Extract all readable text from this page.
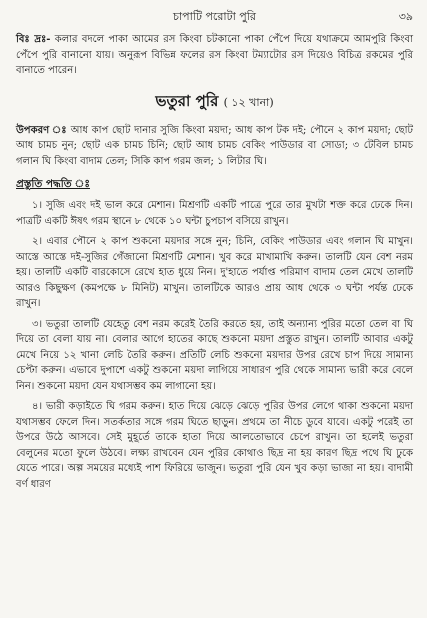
চাপাটি পরোটা পুরি	৩৯

বিঃ দ্রঃ- কলার বদলে পাকা আমের রস কিংবা চটকানো পাকা পেঁপে দিয়ে যথাক্রমে আমপুরি কিংবা পেঁপে পুরি বানানো যায়। অনুরূপ বিভিন্ন ফলের রস কিংবা টম্যাটোর রস দিয়েও বিচিত্র রকমের পুরি বানাতে পারেন।

ভতুরা পুরি ( ১২ খানা)

উপকরণ ঃ আধ কাপ ছোট দানার সুজি কিংবা ময়দা; আধ কাপ টক দই; পৌনে ২ কাপ ময়দা; ছোট আধ চামচ নুন; ছোট এক চামচ চিনি; ছোট আধ চামচ বেকিং পাউডার বা সোডা; ৩ টেবিল চামচ গলান ঘি কিংবা বাদাম তেল; সিকি কাপ গরম জল; ১ লিটার ঘি।

প্রস্তুতি পদ্ধতি ঃ

১। সুজি এবং দই ভাল করে মেশান। মিশ্রণটি একটি পাত্রে পুরে তার মুখটা শক্ত করে ঢেকে দিন। পাত্রটি একটি ঈষৎ গরম স্থানে ৮ থেকে ১০ ঘন্টা চুপচাপ বসিয়ে রাখুন।

২। এবার পৌনে ২ কাপ শুকনো ময়দার সঙ্গে নুন; চিনি, বেকিং পাউডার এবং গলান ঘি মাখুন। আস্তে আস্তে দই-সুজির গেঁজানো মিশ্রণটি মেশান। খুব করে মাখামাখি করুন। তালটি যেন বেশ নরম হয়। তালটি একটি বারকোসে রেখে হাত ধুয়ে নিন। দু'হাতে পর্যাপ্ত পরিমাণ বাদাম তেল মেখে তালটি আরও কিছুক্ষণ (কমপক্ষে ৮ মিনিট) মাখুন। তালটিকে আরও প্রায় আধ থেকে ৩ ঘন্টা পর্যন্ত ঢেকে রাখুন।

৩। ভতুরা তালটি যেহেতু বেশ নরম করেই তৈরি করতে হয়, তাই অন্যান্য পুরির মতো তেল বা ঘি দিয়ে তা বেলা যায় না। বেলার আগে হাতের কাছে শুকনো ময়দা প্রস্তুত রাখুন। তালটি আবার একটু মেখে নিয়ে ১২ খানা লেচি তৈরি করুন। প্রতিটি লেচি শুকনো ময়দার উপর রেখে চাপ দিয়ে সামান্য চেপ্টা করুন। এভাবে দুপাশে একটু শুকনো ময়দা লাগিয়ে সাধারণ পুরি থেকে সামান্য ভারী করে বেলে নিন। শুকনো ময়দা যেন যথাসম্ভব কম লাগানো হয়।

৪। ভারী কড়াইতে ঘি গরম করুন। হাত দিয়ে ঝেড়ে ঝেড়ে পুরির উপর লেগে থাকা শুকনো ময়দা যথাসম্ভব ফেলে দিন। সতর্কতার সঙ্গে গরম ঘিতে ছাড়ুন। প্রথমে তা নীচে ডুবে যাবে। একটু পরেই তা উপরে উঠে আসবে। সেই মুহূর্তে তাকে হাতা দিয়ে আলতোভাবে চেপে রাখুন। তা হলেই ভতুরা বেলুনের মতো ফুলে উঠবে। লক্ষ্য রাখবেন যেন পুরির কোথাও ছিদ্র না হয় কারণ ছিদ্র পথে ঘি ঢুকে যেতে পারে। অল্প সময়ের মধ্যেই পাশ ফিরিয়ে ভাজুন। ভতুরা পুরি যেন খুব কড়া ভাজা না হয়। বাদামী বর্ণ ধারণ
